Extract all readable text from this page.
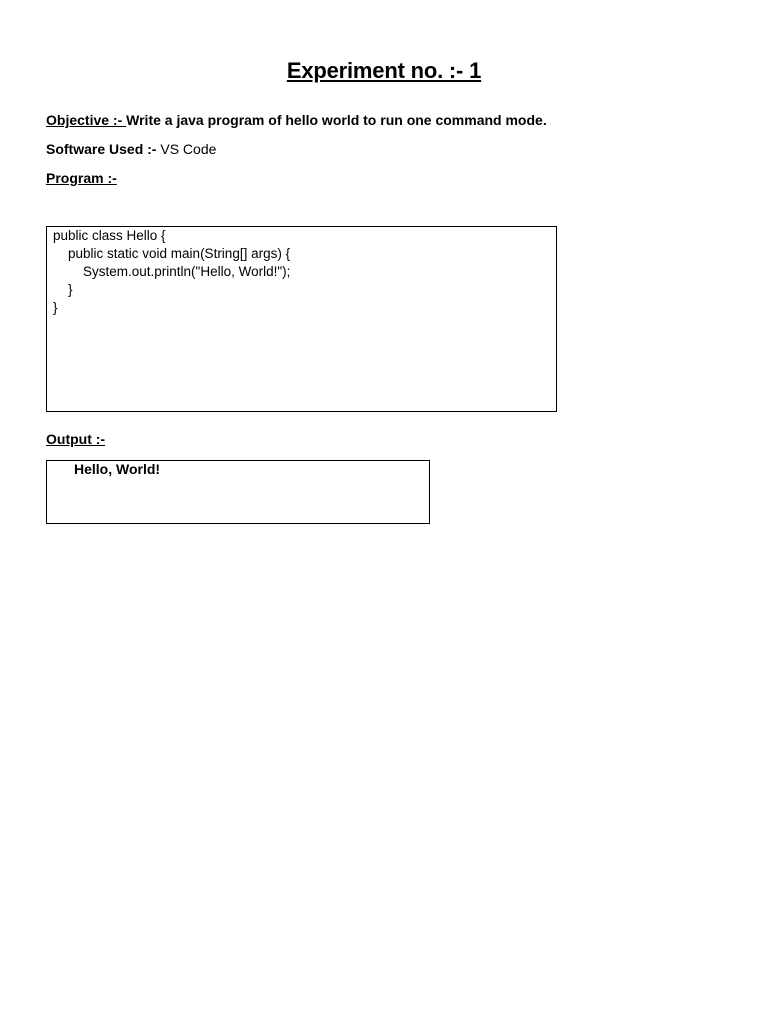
Experiment no. :- 1
Objective :- Write a java program of hello world to run one command mode.
Software Used :- VS Code
Program :-
public class Hello {
public static void main(String[] args) {
System.out.println("Hello, World!");
}
}
Output :-
Hello, World!
